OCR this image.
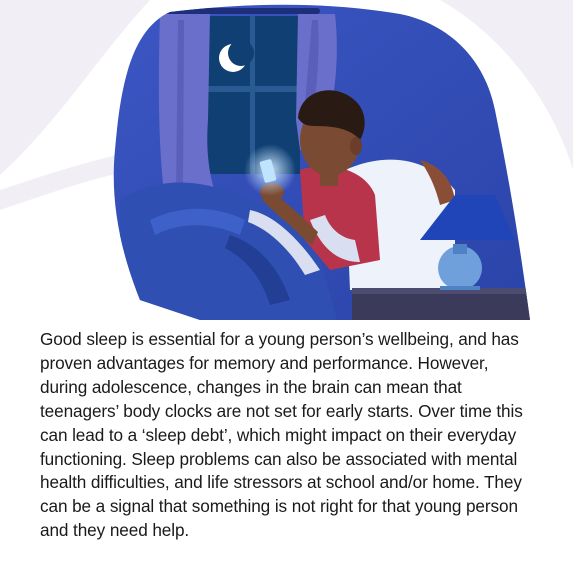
Good sleep is essential for a young person’s wellbeing, and has proven advantages for memory and performance. However, during adolescence, changes in the brain can mean that teenagers’ body clocks are not set for early starts. Over time this can lead to a ‘sleep debt’, which might impact on their everyday functioning. Sleep problems can also be associated with mental health difficulties, and life stressors at school and/or home. They can be a signal that something is not right for that young person and they need help.
